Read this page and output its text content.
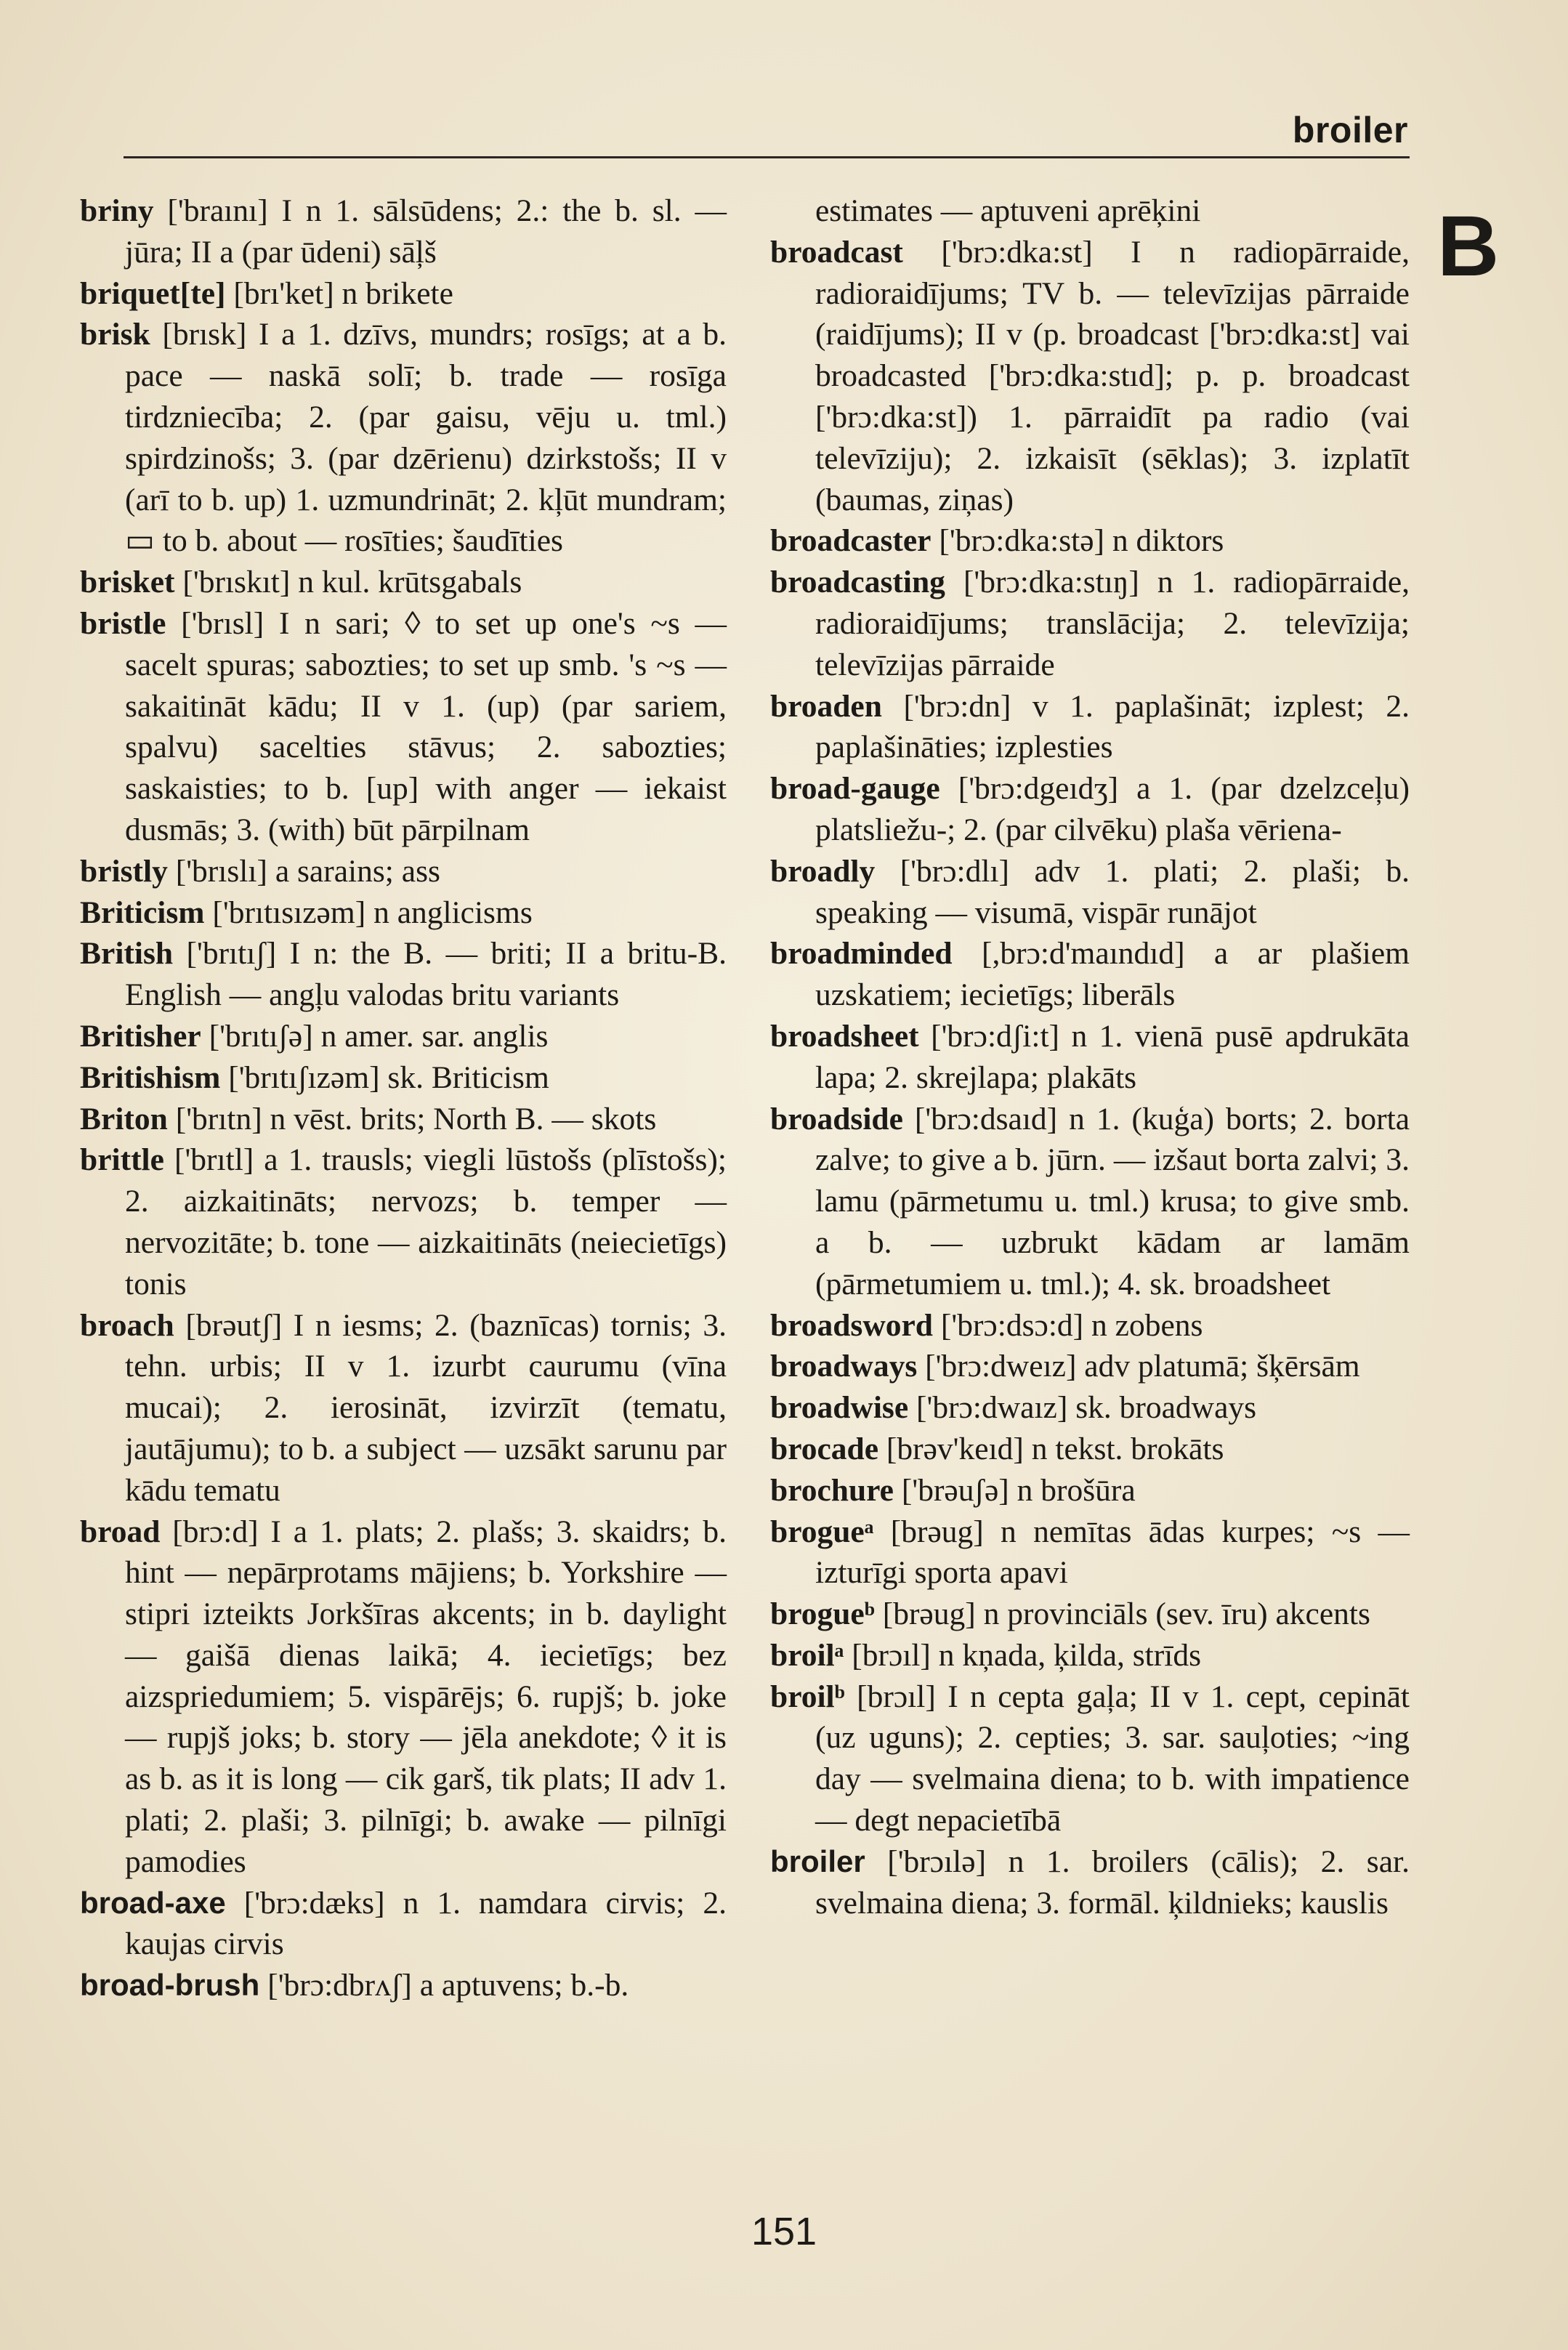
broiler
B

briny ['braını] I n 1. sālsūdens; 2.: the b. sl. — jūra; II a (par ūdeni) sāļš

briquet[te] [brı'ket] n brikete

brisk [brısk] I a 1. dzīvs, mundrs; rosīgs; at a b. pace — naskā solī; b. trade — rosīga tirdzniecība; 2. (par gaisu, vēju u. tml.) spirdzinošs; 3. (par dzērienu) dzirkstošs; II v (arī to b. up) 1. uzmundrināt; 2. kļūt mundram; ▭ to b. about — rosīties; šaudīties

brisket ['brıskıt] n kul. krūtsgabals

bristle ['brısl] I n sari; ◊ to set up one's ~s — sacelt spuras; sabozties; to set up smb. 's ~s — sakaitināt kādu; II v 1. (up) (par sariem, spalvu) sacelties stāvus; 2. sabozties; saskaisties; to b. [up] with anger — iekaist dusmās; 3. (with) būt pārpilnam

bristly ['brıslı] a sarains; ass

Briticism ['brıtısızəm] n anglicisms

British ['brıtıʃ] I n: the B. — briti; II a britu-B. English — angļu valodas britu variants

Britisher ['brıtıʃə] n amer. sar. anglis

Britishism ['brıtıʃızəm] sk. Briticism

Briton ['brıtn] n vēst. brits; North B. — skots

brittle ['brıtl] a 1. trausls; viegli lūstošs (plīstošs); 2. aizkaitināts; nervozs; b. temper — nervozitāte; b. tone — aizkaitināts (neiecietīgs) tonis

broach [brəutʃ] I n iesms; 2. (baznīcas) tornis; 3. tehn. urbis; II v 1. izurbt caurumu (vīna mucai); 2. ierosināt, izvirzīt (tematu, jautājumu); to b. a subject — uzsākt sarunu par kādu tematu

broad [brɔ:d] I a 1. plats; 2. plašs; 3. skaidrs; b. hint — nepārprotams mājiens; b. Yorkshire — stipri izteikts Jorkšīras akcents; in b. daylight — gaišā dienas laikā; 4. iecietīgs; bez aizspriedumiem; 5. vispārējs; 6. rupjš; b. joke — rupjš joks; b. story — jēla anekdote; ◊ it is as b. as it is long — cik garš, tik plats; II adv 1. plati; 2. plaši; 3. pilnīgi; b. awake — pilnīgi pamodies

broad-axe ['brɔ:dæks] n 1. namdara cirvis; 2. kaujas cirvis

broad-brush ['brɔ:dbrʌʃ] a aptuvens; b.-b.

estimates — aptuveni aprēķini

broadcast ['brɔ:dka:st] I n radiopārraide, radioraidījums; TV b. — televīzijas pārraide (raidījums); II v (p. broadcast ['brɔ:dka:st] vai broadcasted ['brɔ:dka:stıd]; p. p. broadcast ['brɔ:dka:st]) 1. pārraidīt pa radio (vai televīziju); 2. izkaisīt (sēklas); 3. izplatīt (baumas, ziņas)

broadcaster ['brɔ:dka:stə] n diktors

broadcasting ['brɔ:dka:stıŋ] n 1. radiopārraide, radioraidījums; translācija; 2. televīzija; televīzijas pārraide

broaden ['brɔ:dn] v 1. paplašināt; izplest; 2. paplašināties; izplesties

broad-gauge ['brɔ:dgeıdʒ] a 1. (par dzelzceļu) platsliežu-; 2. (par cilvēku) plaša vēriena-

broadly ['brɔ:dlı] adv 1. plati; 2. plaši; b. speaking — visumā, vispār runājot

broadminded [,brɔ:d'maındıd] a ar plašiem uzskatiem; iecietīgs; liberāls

broadsheet ['brɔ:dʃi:t] n 1. vienā pusē apdrukāta lapa; 2. skrejlapa; plakāts

broadside ['brɔ:dsaıd] n 1. (kuģa) borts; 2. borta zalve; to give a b. jūrn. — izšaut borta zalvi; 3. lamu (pārmetumu u. tml.) krusa; to give smb. a b. — uzbrukt kādam ar lamām (pārmetumiem u. tml.); 4. sk. broadsheet

broadsword ['brɔ:dsɔ:d] n zobens

broadways ['brɔ:dweız] adv platumā; šķērsām

broadwise ['brɔ:dwaız] sk. broadways

brocade [brəv'keıd] n tekst. brokāts

brochure ['brəuʃə] n brošūra

brogueᵃ [brəug] n nemītas ādas kurpes; ~s — izturīgi sporta apavi

brogueᵇ [brəug] n provinciāls (sev. īru) akcents

broilᵃ [brɔıl] n kņada, ķilda, strīds

broilᵇ [brɔıl] I n cepta gaļa; II v 1. cept, cepināt (uz uguns); 2. cepties; 3. sar. sauļoties; ~ing day — svelmaina diena; to b. with impatience — degt nepacietībā

broiler ['brɔılə] n 1. broilers (cālis); 2. sar. svelmaina diena; 3. formāl. ķildnieks; kauslis

151
